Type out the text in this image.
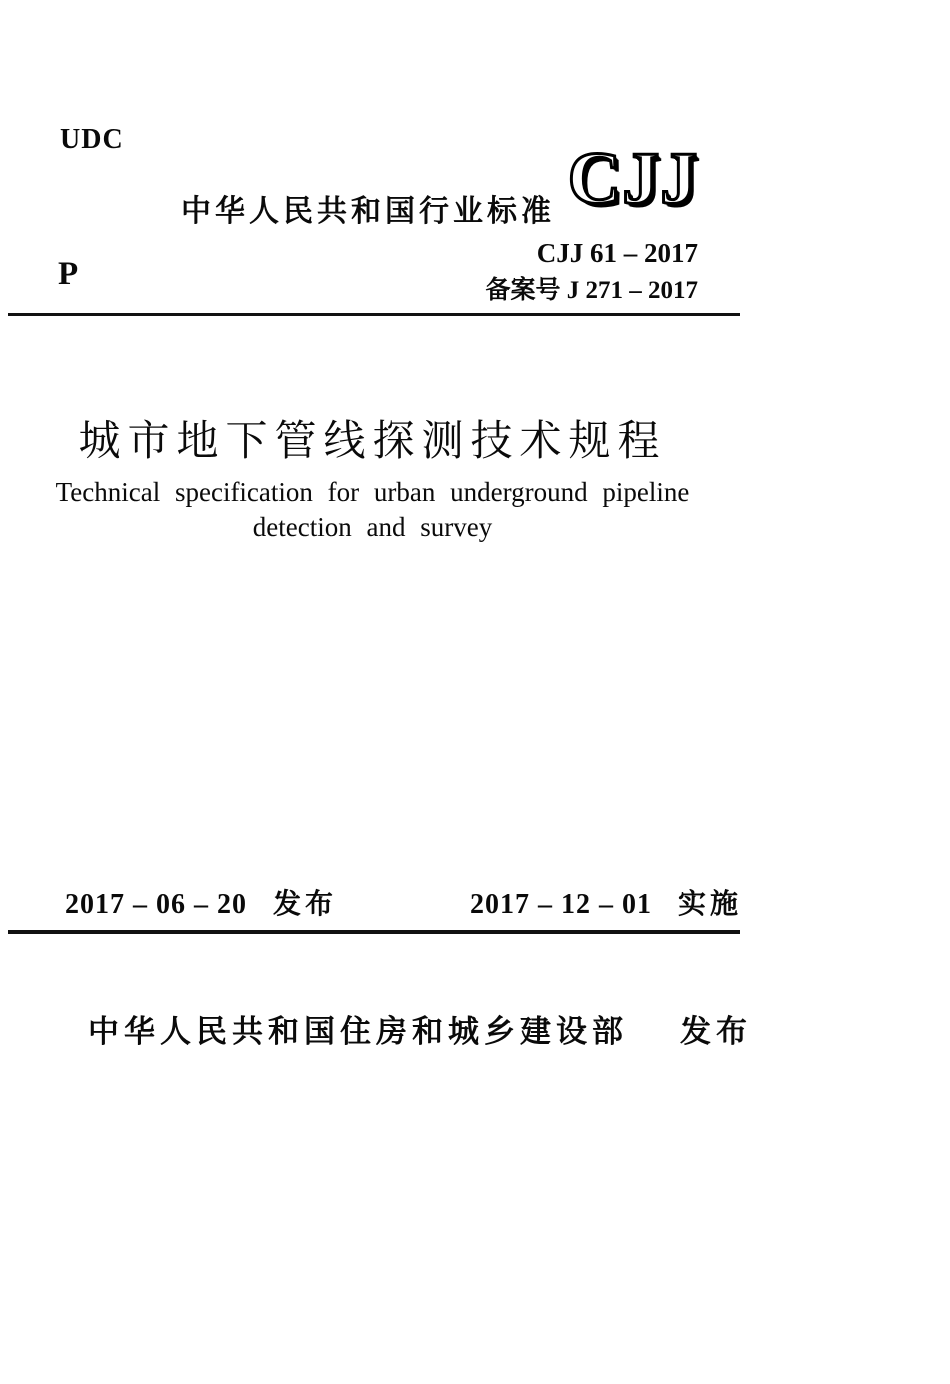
UDC
中华人民共和国行业标准 CJJ
CJJ 61 – 2017
备案号 J 271 – 2017
P
城市地下管线探测技术规程
Technical specification for urban underground pipeline
detection and survey
2017 – 06 – 20 发布	2017 – 12 – 01 实施
中华人民共和国住房和城乡建设部 发布
